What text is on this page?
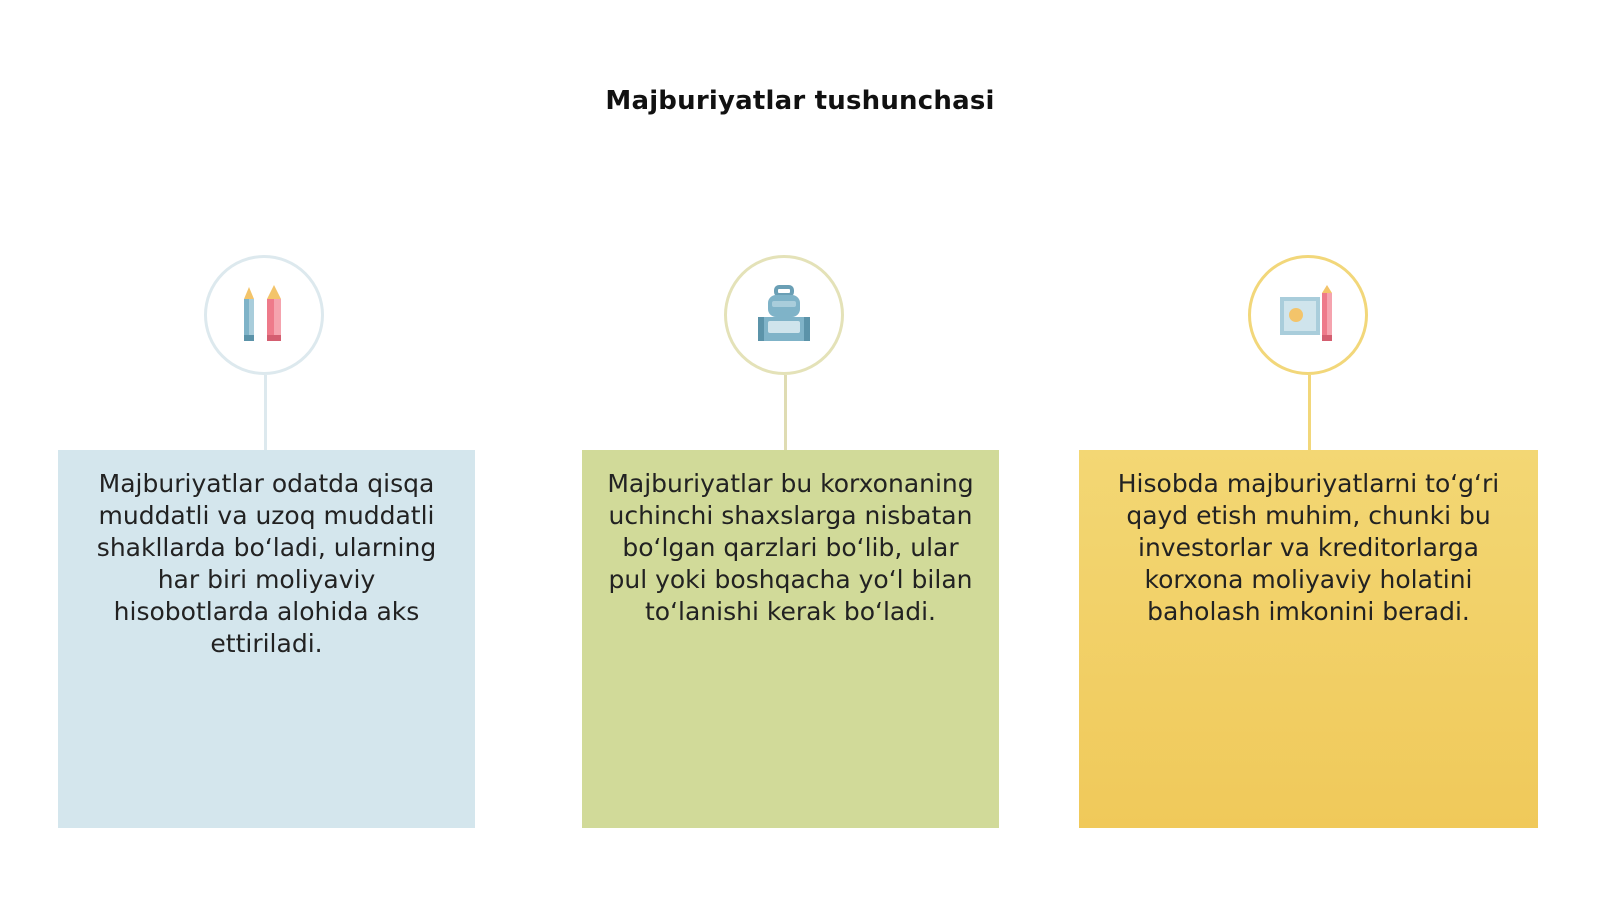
Majburiyatlar tushunchasi
Majburiyatlar odatda qisqa muddatli va uzoq muddatli shakllarda boʻladi, ularning har biri moliyaviy hisobotlarda alohida aks ettiriladi.
Majburiyatlar bu korxonaning uchinchi shaxslarga nisbatan boʻlgan qarzlari boʻlib, ular pul yoki boshqacha yoʻl bilan toʻlanishi kerak boʻladi.
Hisobda majburiyatlarni toʻgʻri qayd etish muhim, chunki bu investorlar va kreditorlarga korxona moliyaviy holatini baholash imkonini beradi.
